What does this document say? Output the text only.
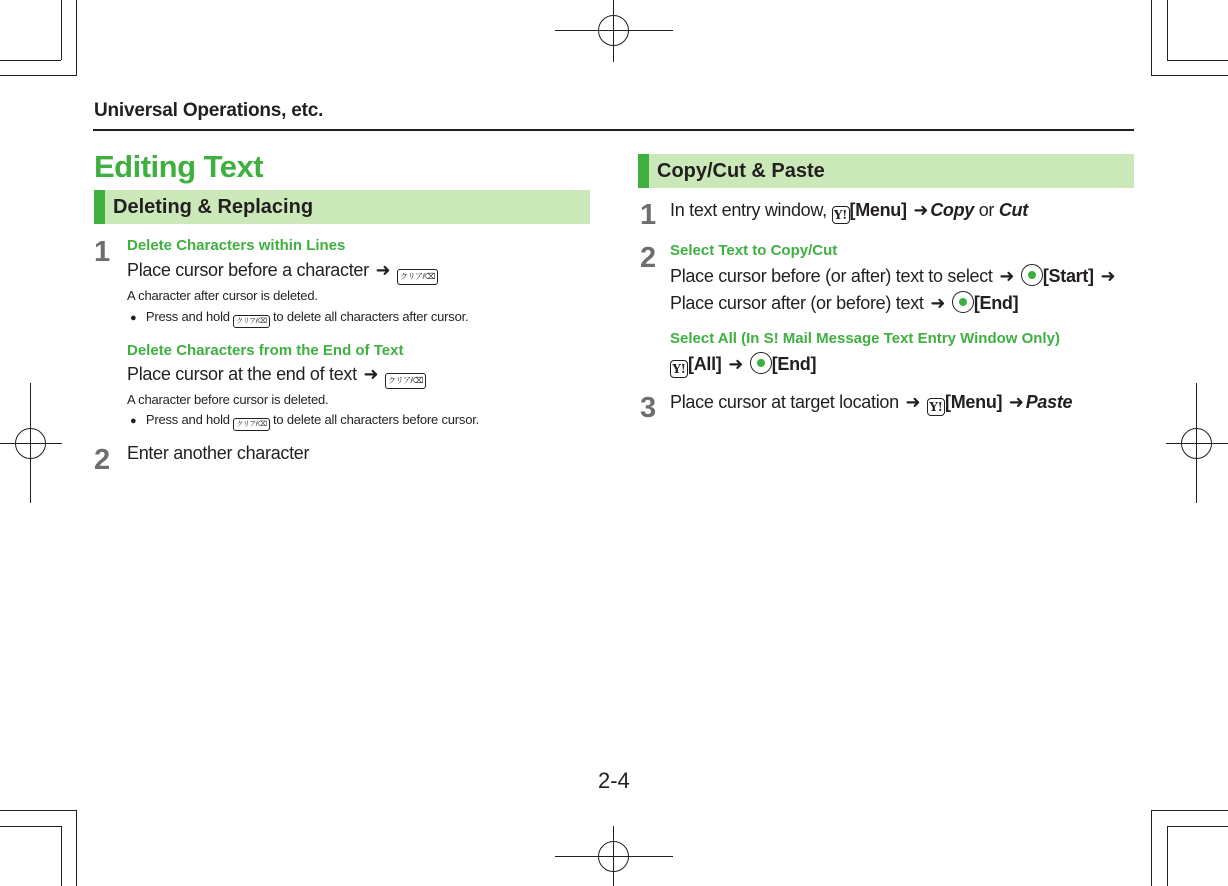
Universal Operations, etc.
Editing Text
Deleting & Replacing
1 Delete Characters within Lines
Place cursor before a character ➜ クリア/⌫
A character after cursor is deleted.
● Press and hold クリア/⌫ to delete all characters after cursor.
Delete Characters from the End of Text
Place cursor at the end of text ➜ クリア/⌫
A character before cursor is deleted.
● Press and hold クリア/⌫ to delete all characters before cursor.
2 Enter another character
Copy/Cut & Paste
1 In text entry window, Y! [Menu] ➜ Copy or Cut
2 Select Text to Copy/Cut
Place cursor before (or after) text to select ➜ [Start] ➜
Place cursor after (or before) text ➜ [End]
Select All (In S! Mail Message Text Entry Window Only)
Y! [All] ➜ [End]
3 Place cursor at target location ➜ Y! [Menu] ➜ Paste
2-4
